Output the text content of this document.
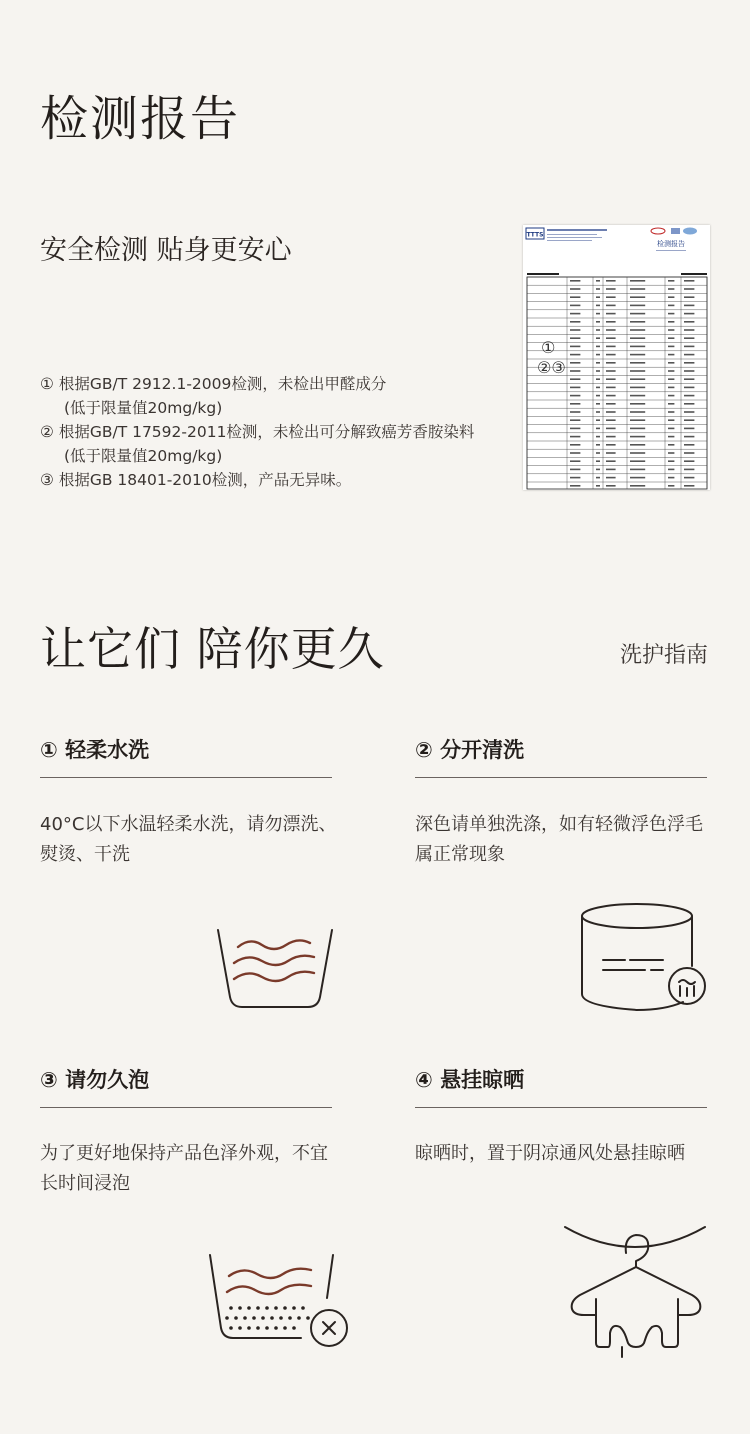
检测报告
安全检测 贴身更安心
① 根据GB/T 2912.1-2009检测，未检出甲醛成分
(低于限量值20mg/kg)
② 根据GB/T 17592-2011检测，未检出可分解致癌芳香胺染料
(低于限量值20mg/kg)
③ 根据GB 18401-2010检测，产品无异味。
TTTS
检测报告
①
②③
让它们 陪你更久	洗护指南
① 轻柔水洗
40°C以下水温轻柔水洗，请勿漂洗、熨烫、干洗
② 分开清洗
深色请单独洗涤，如有轻微浮色浮毛属正常现象
③ 请勿久泡
为了更好地保持产品色泽外观，不宜长时间浸泡
④ 悬挂晾晒
晾晒时，置于阴凉通风处悬挂晾晒
